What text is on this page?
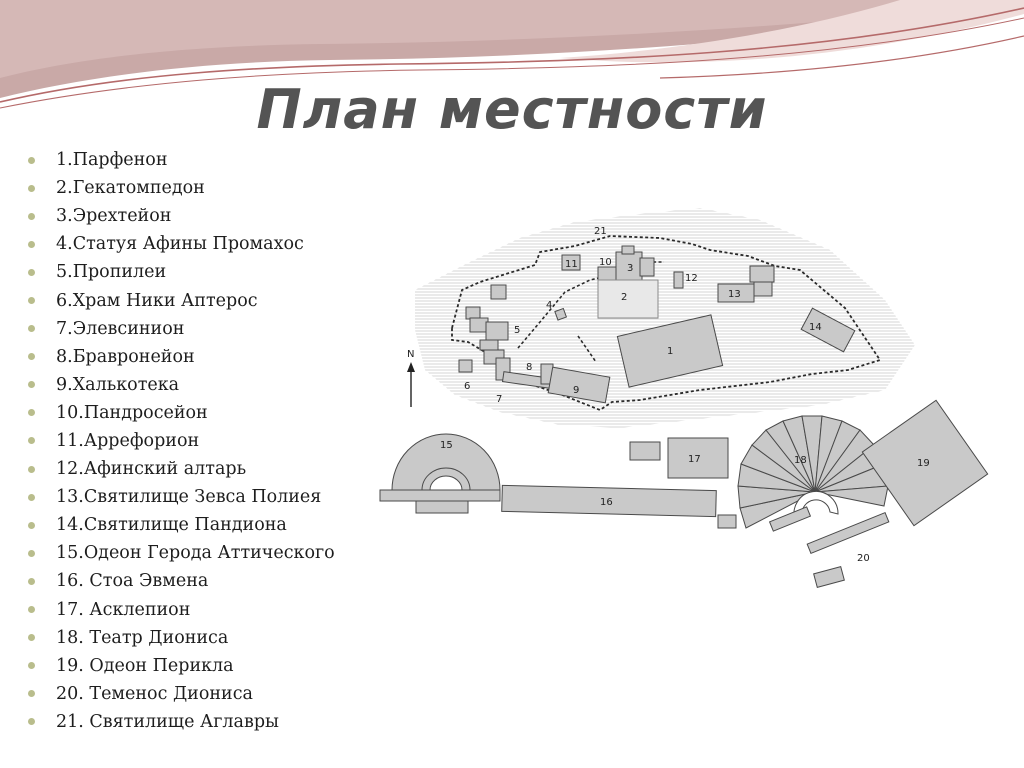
План местности
1.Парфенон
2.Гекатомпедон
3.Эрехтейон
4.Статуя Афины Промахос
5.Пропилеи
6.Храм Ники Аптерос
7.Элевсинион
8.Бравронейон
9.Халькотека
10.Пандросейон
11.Аррефорион
12.Афинский алтарь
13.Святилище Зевса Полиея
14.Святилище Пандиона
15.Одеон Герода Аттического
16. Стоа Эвмена
17. Асклепион
18. Театр Диониса
19. Одеон Перикла
20. Теменос Диониса
21. Святилище Аглавры
21
11 10
3
12
2	13
4
14
1
5
6
8
7
9
N
15
16
17	18	19
20
